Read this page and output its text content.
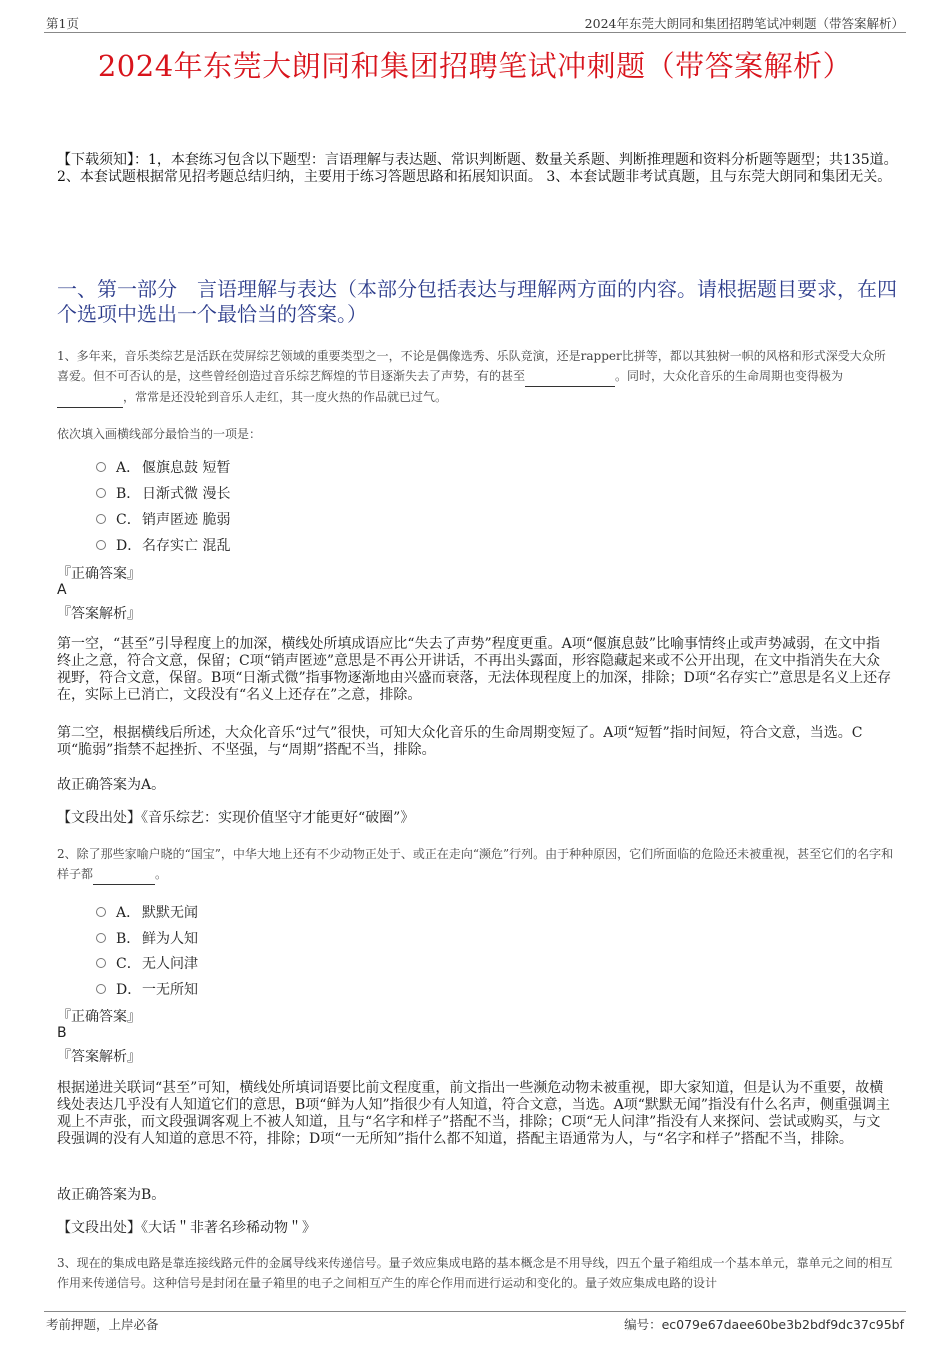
第1页	2024年东莞大朗同和集团招聘笔试冲刺题（带答案解析）
2024年东莞大朗同和集团招聘笔试冲刺题（带答案解析）
【下载须知】：1，本套练习包含以下题型：言语理解与表达题、常识判断题、数量关系题、判断推理题和资料分析题等题型；共135道。 2、本套试题根据常见招考题总结归纳，主要用于练习答题思路和拓展知识面。 3、本套试题非考试真题，且与东莞大朗同和集团无关。
一、第一部分　言语理解与表达（本部分包括表达与理解两方面的内容。请根据题目要求，在四个选项中选出一个最恰当的答案。）
1、多年来，音乐类综艺是活跃在荧屏综艺领域的重要类型之一，不论是偶像选秀、乐队竞演，还是rapper比拼等，都以其独树一帜的风格和形式深受大众所喜爱。但不可否认的是，这些曾经创造过音乐综艺辉煌的节目逐渐失去了声势，有的甚至	。同时，大众化音乐的生命周期也变得极为 ，常常是还没轮到音乐人走红，其一度火热的作品就已过气。
依次填入画横线部分最恰当的一项是：
A． 偃旗息鼓 短暂
B． 日渐式微 漫长
C． 销声匿迹 脆弱
D． 名存实亡 混乱
『正确答案』
A
『答案解析』
第一空，“甚至”引导程度上的加深，横线处所填成语应比“失去了声势”程度更重。A项“偃旗息鼓”比喻事情终止或声势减弱，在文中指终止之意，符合文意，保留；C项“销声匿迹”意思是不再公开讲话，不再出头露面，形容隐藏起来或不公开出现，在文中指消失在大众视野，符合文意，保留。B项“日渐式微”指事物逐渐地由兴盛而衰落，无法体现程度上的加深，排除；D项“名存实亡”意思是名义上还存在，实际上已消亡，文段没有“名义上还存在”之意，排除。
第二空，根据横线后所述，大众化音乐“过气”很快，可知大众化音乐的生命周期变短了。A项“短暂”指时间短，符合文意，当选。C项“脆弱”指禁不起挫折、不坚强，与“周期”搭配不当，排除。
故正确答案为A。
【文段出处】《音乐综艺：实现价值坚守才能更好“破圈”》
2、除了那些家喻户晓的“国宝”，中华大地上还有不少动物正处于、或正在走向“濒危”行列。由于种种原因，它们所面临的危险还未被重视，甚至它们的名字和样子都	。
A． 默默无闻
B． 鲜为人知
C． 无人问津
D． 一无所知
『正确答案』
B
『答案解析』
根据递进关联词“甚至”可知，横线处所填词语要比前文程度重，前文指出一些濒危动物未被重视，即大家知道，但是认为不重要，故横线处表达几乎没有人知道它们的意思，B项“鲜为人知”指很少有人知道，符合文意，当选。A项“默默无闻”指没有什么名声，侧重强调主观上不声张，而文段强调客观上不被人知道，且与“名字和样子”搭配不当，排除；C项“无人问津”指没有人来探问、尝试或购买，与文段强调的没有人知道的意思不符，排除；D项“一无所知”指什么都不知道，搭配主语通常为人，与“名字和样子”搭配不当，排除。
故正确答案为B。
【文段出处】《大话＂非著名珍稀动物＂》
3、现在的集成电路是靠连接线路元件的金属导线来传递信号。量子效应集成电路的基本概念是不用导线，四五个量子箱组成一个基本单元，靠单元之间的相互作用来传递信号。这种信号是封闭在量子箱里的电子之间相互产生的库仑作用而进行运动和变化的。量子效应集成电路的设计
考前押题，上岸必备	编号：ec079e67daee60be3b2bdf9dc37c95bf
